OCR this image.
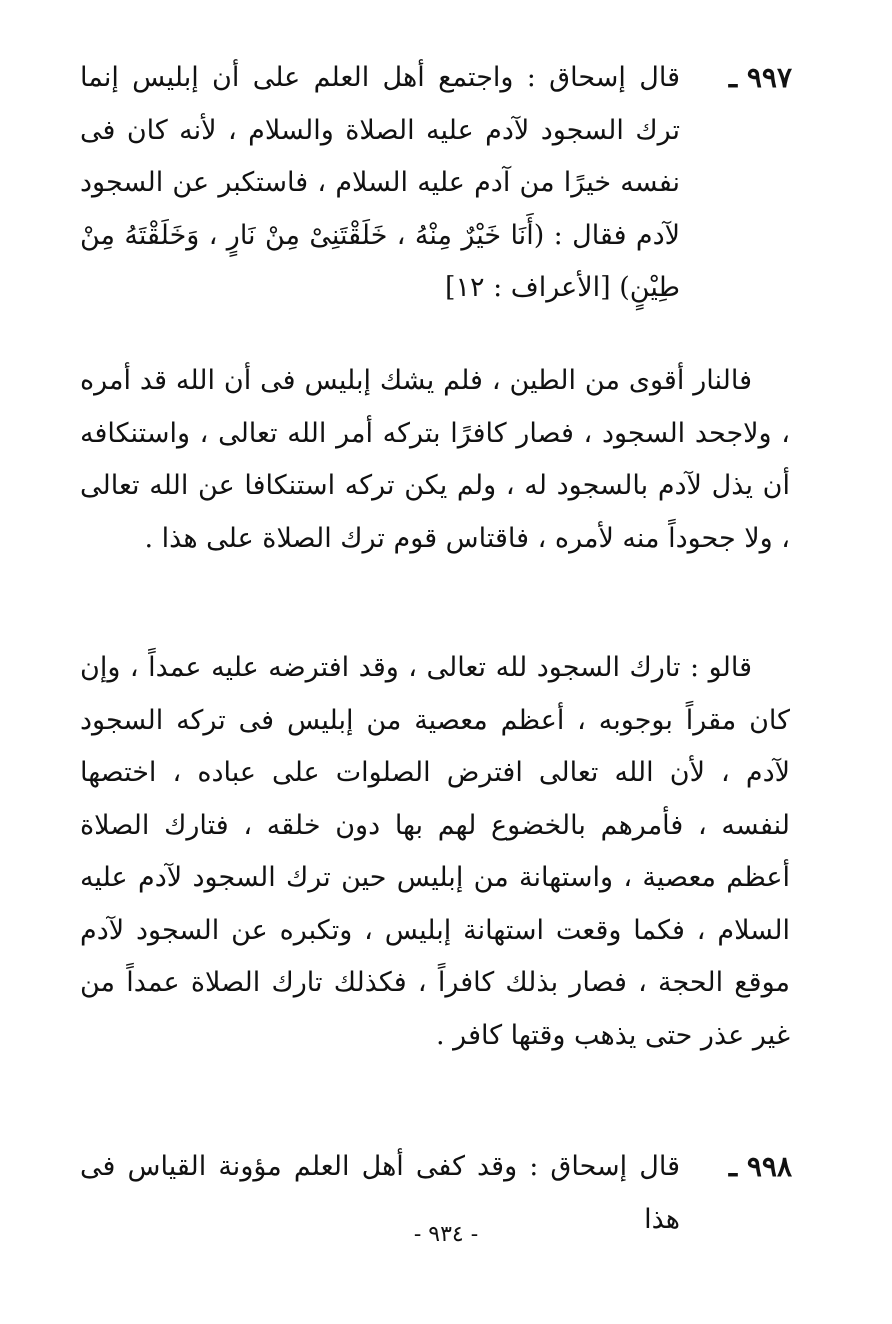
٩٩٧ ـ
قال إسحاق : واجتمع أهل العلم على أن إبليس إنما ترك السجود لآدم عليه الصلاة والسلام ، لأنه كان فى نفسه خيرًا من آدم عليه السلام ، فاستكبر عن السجود لآدم فقال : (أَنَا خَيْرٌ مِنْهُ ، خَلَقْتَنِىْ مِنْ نَارٍ ، وَخَلَقْتَهُ مِنْ طِيْنٍ) [الأعراف : ١٢]

فالنار أقوى من الطين ، فلم يشك إبليس فى أن الله قد أمره ، ولاجحد السجود ، فصار كافرًا بتركه أمر الله تعالى ، واستنكافه أن يذل لآدم بالسجود له ، ولم يكن تركه استنكافا عن الله تعالى ، ولا جحوداً منه لأمره ، فاقتاس قوم ترك الصلاة على هذا .

قالو : تارك السجود لله تعالى ، وقد افترضه عليه عمداً ، وإن كان مقراً بوجوبه ، أعظم معصية من إبليس فى تركه السجود لآدم ، لأن الله تعالى افترض الصلوات على عباده ، اختصها لنفسه ، فأمرهم بالخضوع لهم بها دون خلقه ، فتارك الصلاة أعظم معصية ، واستهانة من إبليس حين ترك السجود لآدم عليه السلام ، فكما وقعت استهانة إبليس ، وتكبره عن السجود لآدم موقع الحجة ، فصار بذلك كافراً ، فكذلك تارك الصلاة عمداً من غير عذر حتى يذهب وقتها كافر .

٩٩٨ ـ
قال إسحاق : وقد كفى أهل العلم مؤونة القياس فى هذا
- ٩٣٤ -
